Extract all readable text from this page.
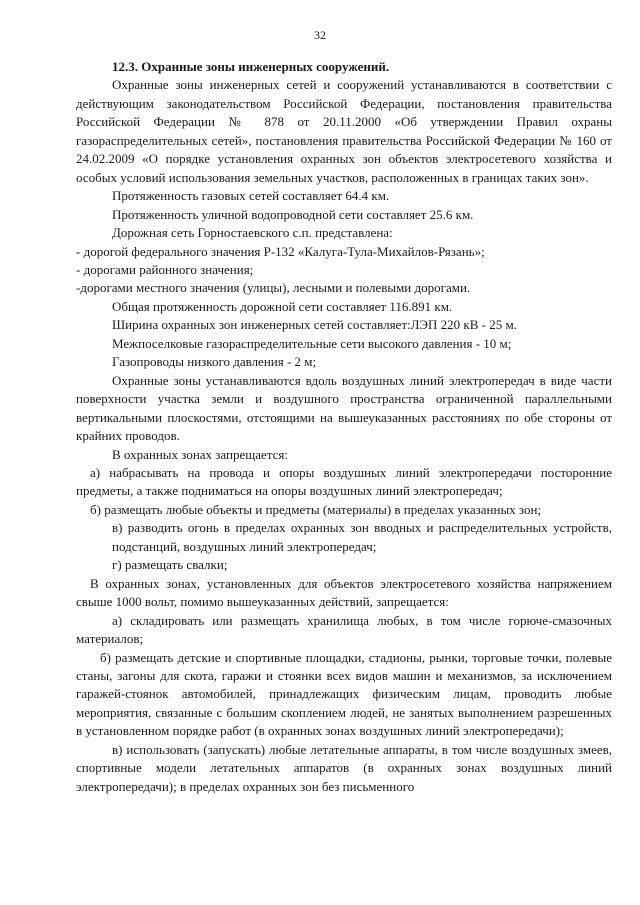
32

12.3. Охранные зоны инженерных сооружений.

Охранные зоны инженерных сетей и сооружений устанавливаются в соответствии с действующим законодательством Российской Федерации, постановления правительства Российской Федерации № 878 от 20.11.2000 «Об утверждении Правил охраны газораспределительных сетей», постановления правительства Российской Федерации № 160 от 24.02.2009 «О порядке установления охранных зон объектов электросетевого хозяйства и особых условий использования земельных участков, расположенных в границах таких зон».

Протяженность газовых сетей составляет 64.4 км.

Протяженность уличной водопроводной сети составляет 25.6 км.

Дорожная сеть Горностаевского с.п. представлена:

- дорогой федерального значения Р-132 «Калуга-Тула-Михайлов-Рязань»;

- дорогами районного значения;

-дорогами местного значения (улицы), лесными и полевыми дорогами.

Общая протяженность дорожной сети составляет 116.891 км.

Ширина охранных зон инженерных сетей составляет:ЛЭП 220 кВ - 25 м.

Межпоселковые газораспределительные сети высокого давления - 10 м;

Газопроводы низкого давления - 2 м;

Охранные зоны устанавливаются вдоль воздушных линий электропередач в виде части поверхности участка земли и воздушного пространства ограниченной параллельными вертикальными плоскостями, отстоящими на вышеуказанных расстояниях по обе стороны от крайних проводов.

В охранных зонах запрещается:

а) набрасывать на провода и опоры воздушных линий электропередачи посторонние предметы, а также подниматься на опоры воздушных линий электропередач;

б) размещать любые объекты и предметы (материалы) в пределах указанных зон;

в) разводить огонь в пределах охранных зон вводных и распределительных устройств, подстанций, воздушных линий электропередач;

г) размещать свалки;

В охранных зонах, установленных для объектов электросетевого хозяйства напряжением свыше 1000 вольт, помимо вышеуказанных действий, запрещается:

а) складировать или размещать хранилища любых, в том числе горюче-смазочных материалов;

б) размещать детские и спортивные площадки, стадионы, рынки, торговые точки, полевые станы, загоны для скота, гаражи и стоянки всех видов машин и механизмов, за исключением гаражей-стоянок автомобилей, принадлежащих физическим лицам, проводить любые мероприятия, связанные с большим скоплением людей, не занятых выполнением разрешенных в установленном порядке работ (в охранных зонах воздушных линий электропередачи);

в) использовать (запускать) любые летательные аппараты, в том числе воздушных змеев, спортивные модели летательных аппаратов (в охранных зонах воздушных линий электропередачи); в пределах охранных зон без письменного
